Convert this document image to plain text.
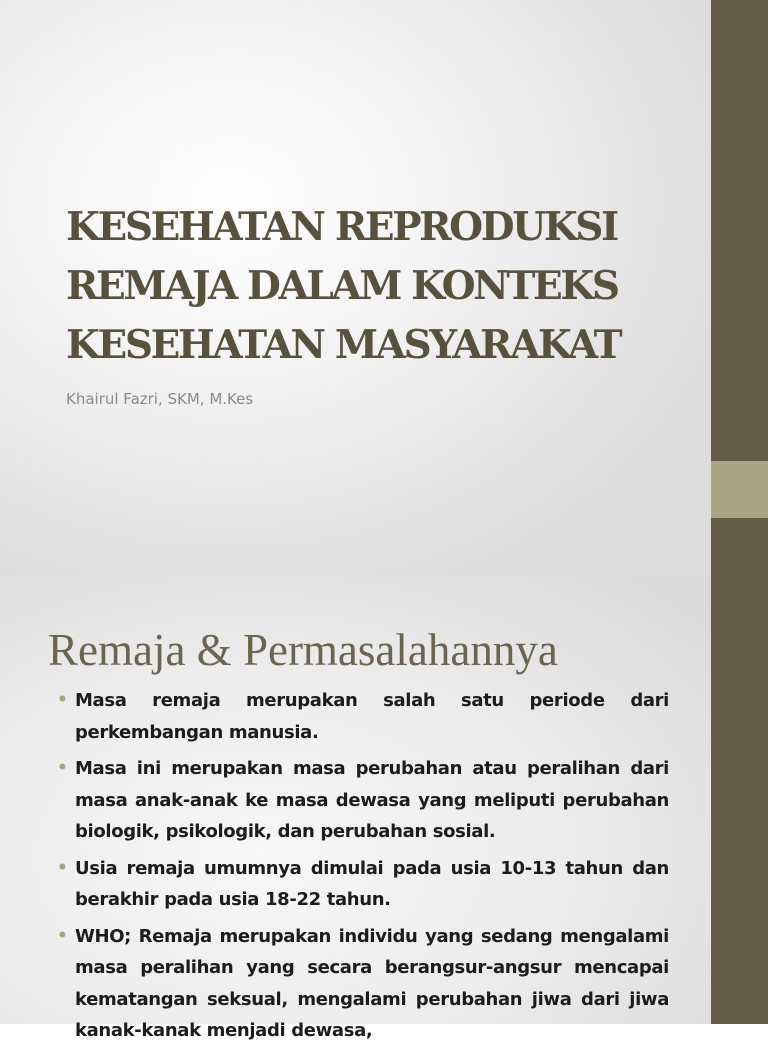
KESEHATAN REPRODUKSI
REMAJA DALAM KONTEKS
KESEHATAN MASYARAKAT

Khairul Fazri, SKM, M.Kes

Remaja & Permasalahannya
• Masa remaja merupakan salah satu periode dari perkembangan manusia.
• Masa ini merupakan masa perubahan atau peralihan dari masa anak-anak ke masa dewasa yang meliputi perubahan biologik, psikologik, dan perubahan sosial.
• Usia remaja umumnya dimulai pada usia 10-13 tahun dan berakhir pada usia 18-22 tahun.
• WHO; Remaja merupakan individu yang sedang mengalami masa peralihan yang secara berangsur-angsur mencapai kematangan seksual, mengalami perubahan jiwa dari jiwa kanak-kanak menjadi dewasa,
